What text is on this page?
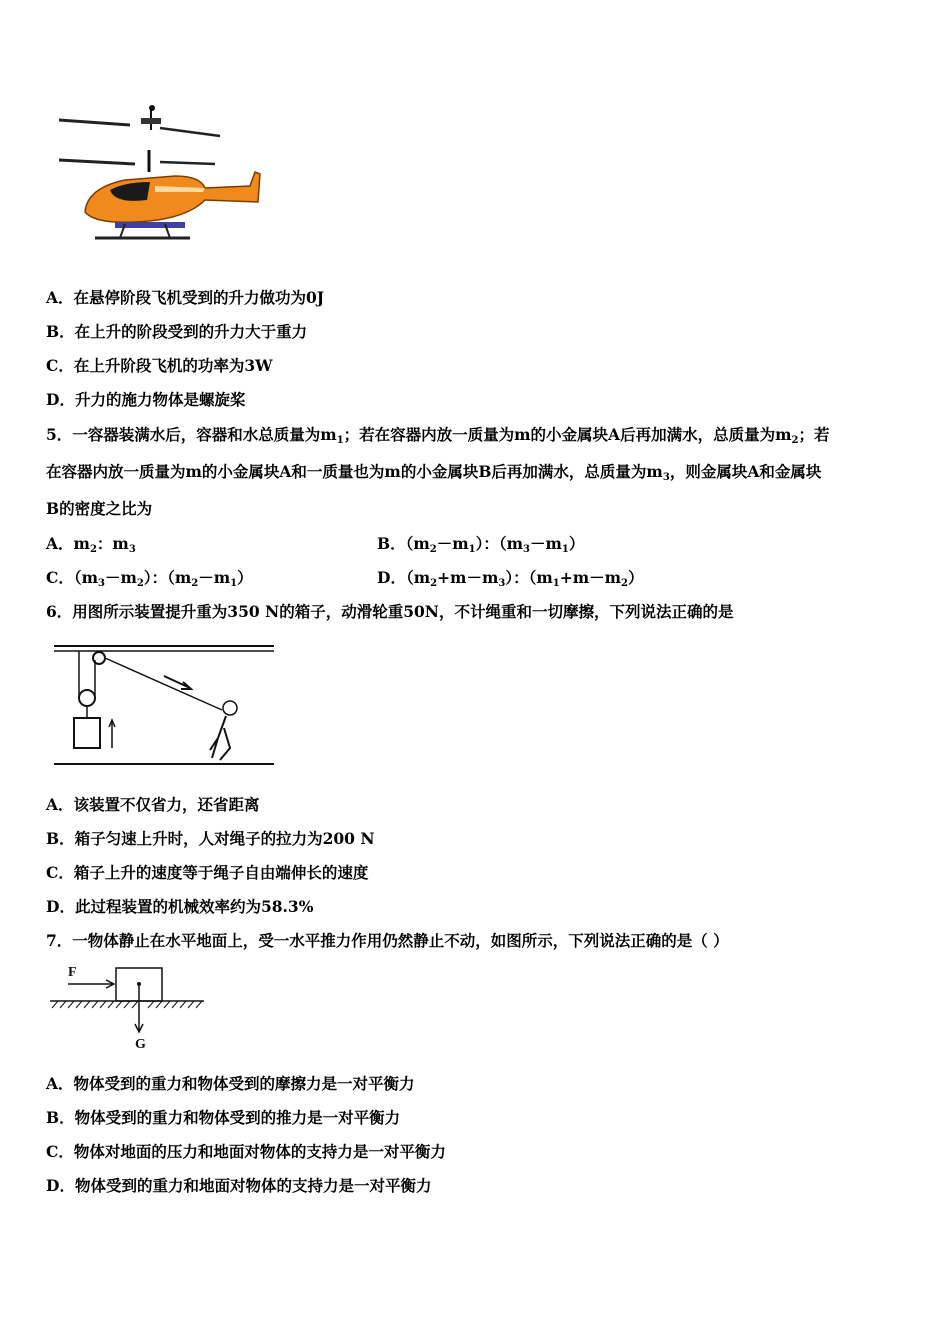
A．在悬停阶段飞机受到的升力做功为0J
B．在上升的阶段受到的升力大于重力
C．在上升阶段飞机的功率为3W
D．升力的施力物体是螺旋桨
5．一容器装满水后，容器和水总质量为$m_1$；若在容器内放一质量为m的小金属块A后再加满水，总质量为$m_2$；若
在容器内放一质量为m的小金属块A和一质量也为m的小金属块B后再加满水，总质量为$m_3$，则金属块A和金属块
B的密度之比为
A．$m_2$：$m_3$	B．$(m_2-m_1)$：$(m_3-m_1)$
C．$(m_3-m_2)$：$(m_2-m_1)$	D．$(m_2+m-m_3)$：$(m_1+m-m_2)$
6．用图所示装置提升重为350 N的箱子，动滑轮重50N，不计绳重和一切摩擦，下列说法正确的是
A．该装置不仅省力，还省距离
B．箱子匀速上升时，人对绳子的拉力为200 N
C．箱子上升的速度等于绳子自由端伸长的速度
D．此过程装置的机械效率约为58.3%
7．一物体静止在水平地面上，受一水平推力作用仍然静止不动，如图所示，下列说法正确的是（ ）
F
G
A．物体受到的重力和物体受到的摩擦力是一对平衡力
B．物体受到的重力和物体受到的推力是一对平衡力
C．物体对地面的压力和地面对物体的支持力是一对平衡力
D．物体受到的重力和地面对物体的支持力是一对平衡力
